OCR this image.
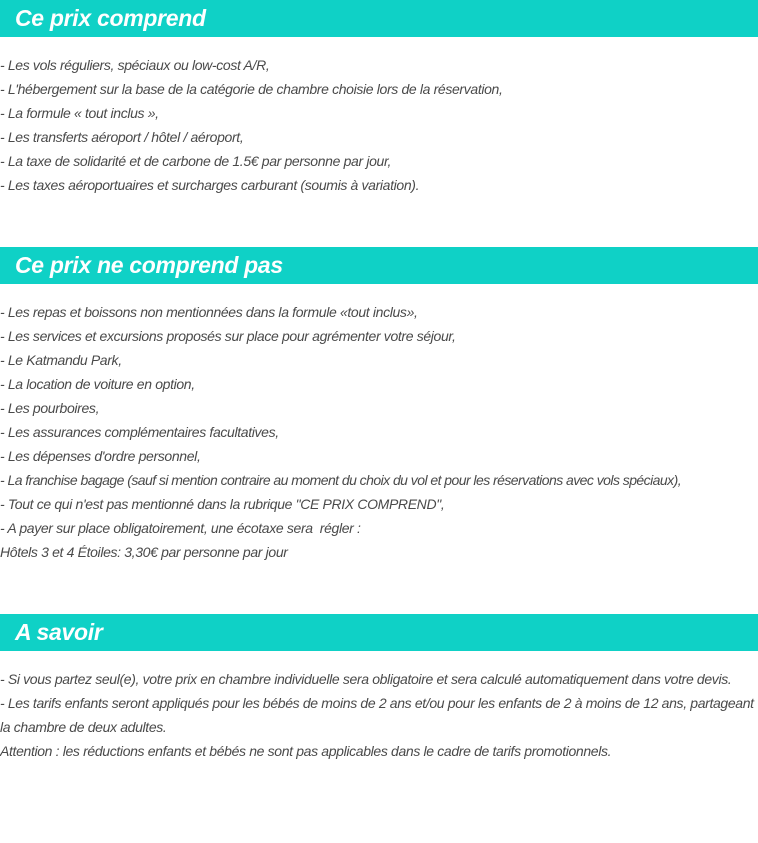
Ce prix comprend
- Les vols réguliers, spéciaux ou low-cost A/R,
- L'hébergement sur la base de la catégorie de chambre choisie lors de la réservation,
- La formule « tout inclus »,
- Les transferts aéroport / hôtel / aéroport,
- La taxe de solidarité et de carbone de 1.5€ par personne par jour,
- Les taxes aéroportuaires et surcharges carburant (soumis à variation).
Ce prix ne comprend pas
- Les repas et boissons non mentionnées dans la formule «tout inclus»,
- Les services et excursions proposés sur place pour agrémenter votre séjour,
- Le Katmandu Park,
- La location de voiture en option,
- Les pourboires,
- Les assurances complémentaires facultatives,
- Les dépenses d'ordre personnel,
- La franchise bagage (sauf si mention contraire au moment du choix du vol et pour les réservations avec vols spéciaux),
- Tout ce qui n'est pas mentionné dans la rubrique "CE PRIX COMPREND",
- A payer sur place obligatoirement, une écotaxe sera  régler :
Hôtels 3 et 4 Étoiles: 3,30€ par personne par jour
A savoir
- Si vous partez seul(e), votre prix en chambre individuelle sera obligatoire et sera calculé automatiquement dans votre devis.
- Les tarifs enfants seront appliqués pour les bébés de moins de 2 ans et/ou pour les enfants de 2 à moins de 12 ans, partageant la chambre de deux adultes.
Attention : les réductions enfants et bébés ne sont pas applicables dans le cadre de tarifs promotionnels.
